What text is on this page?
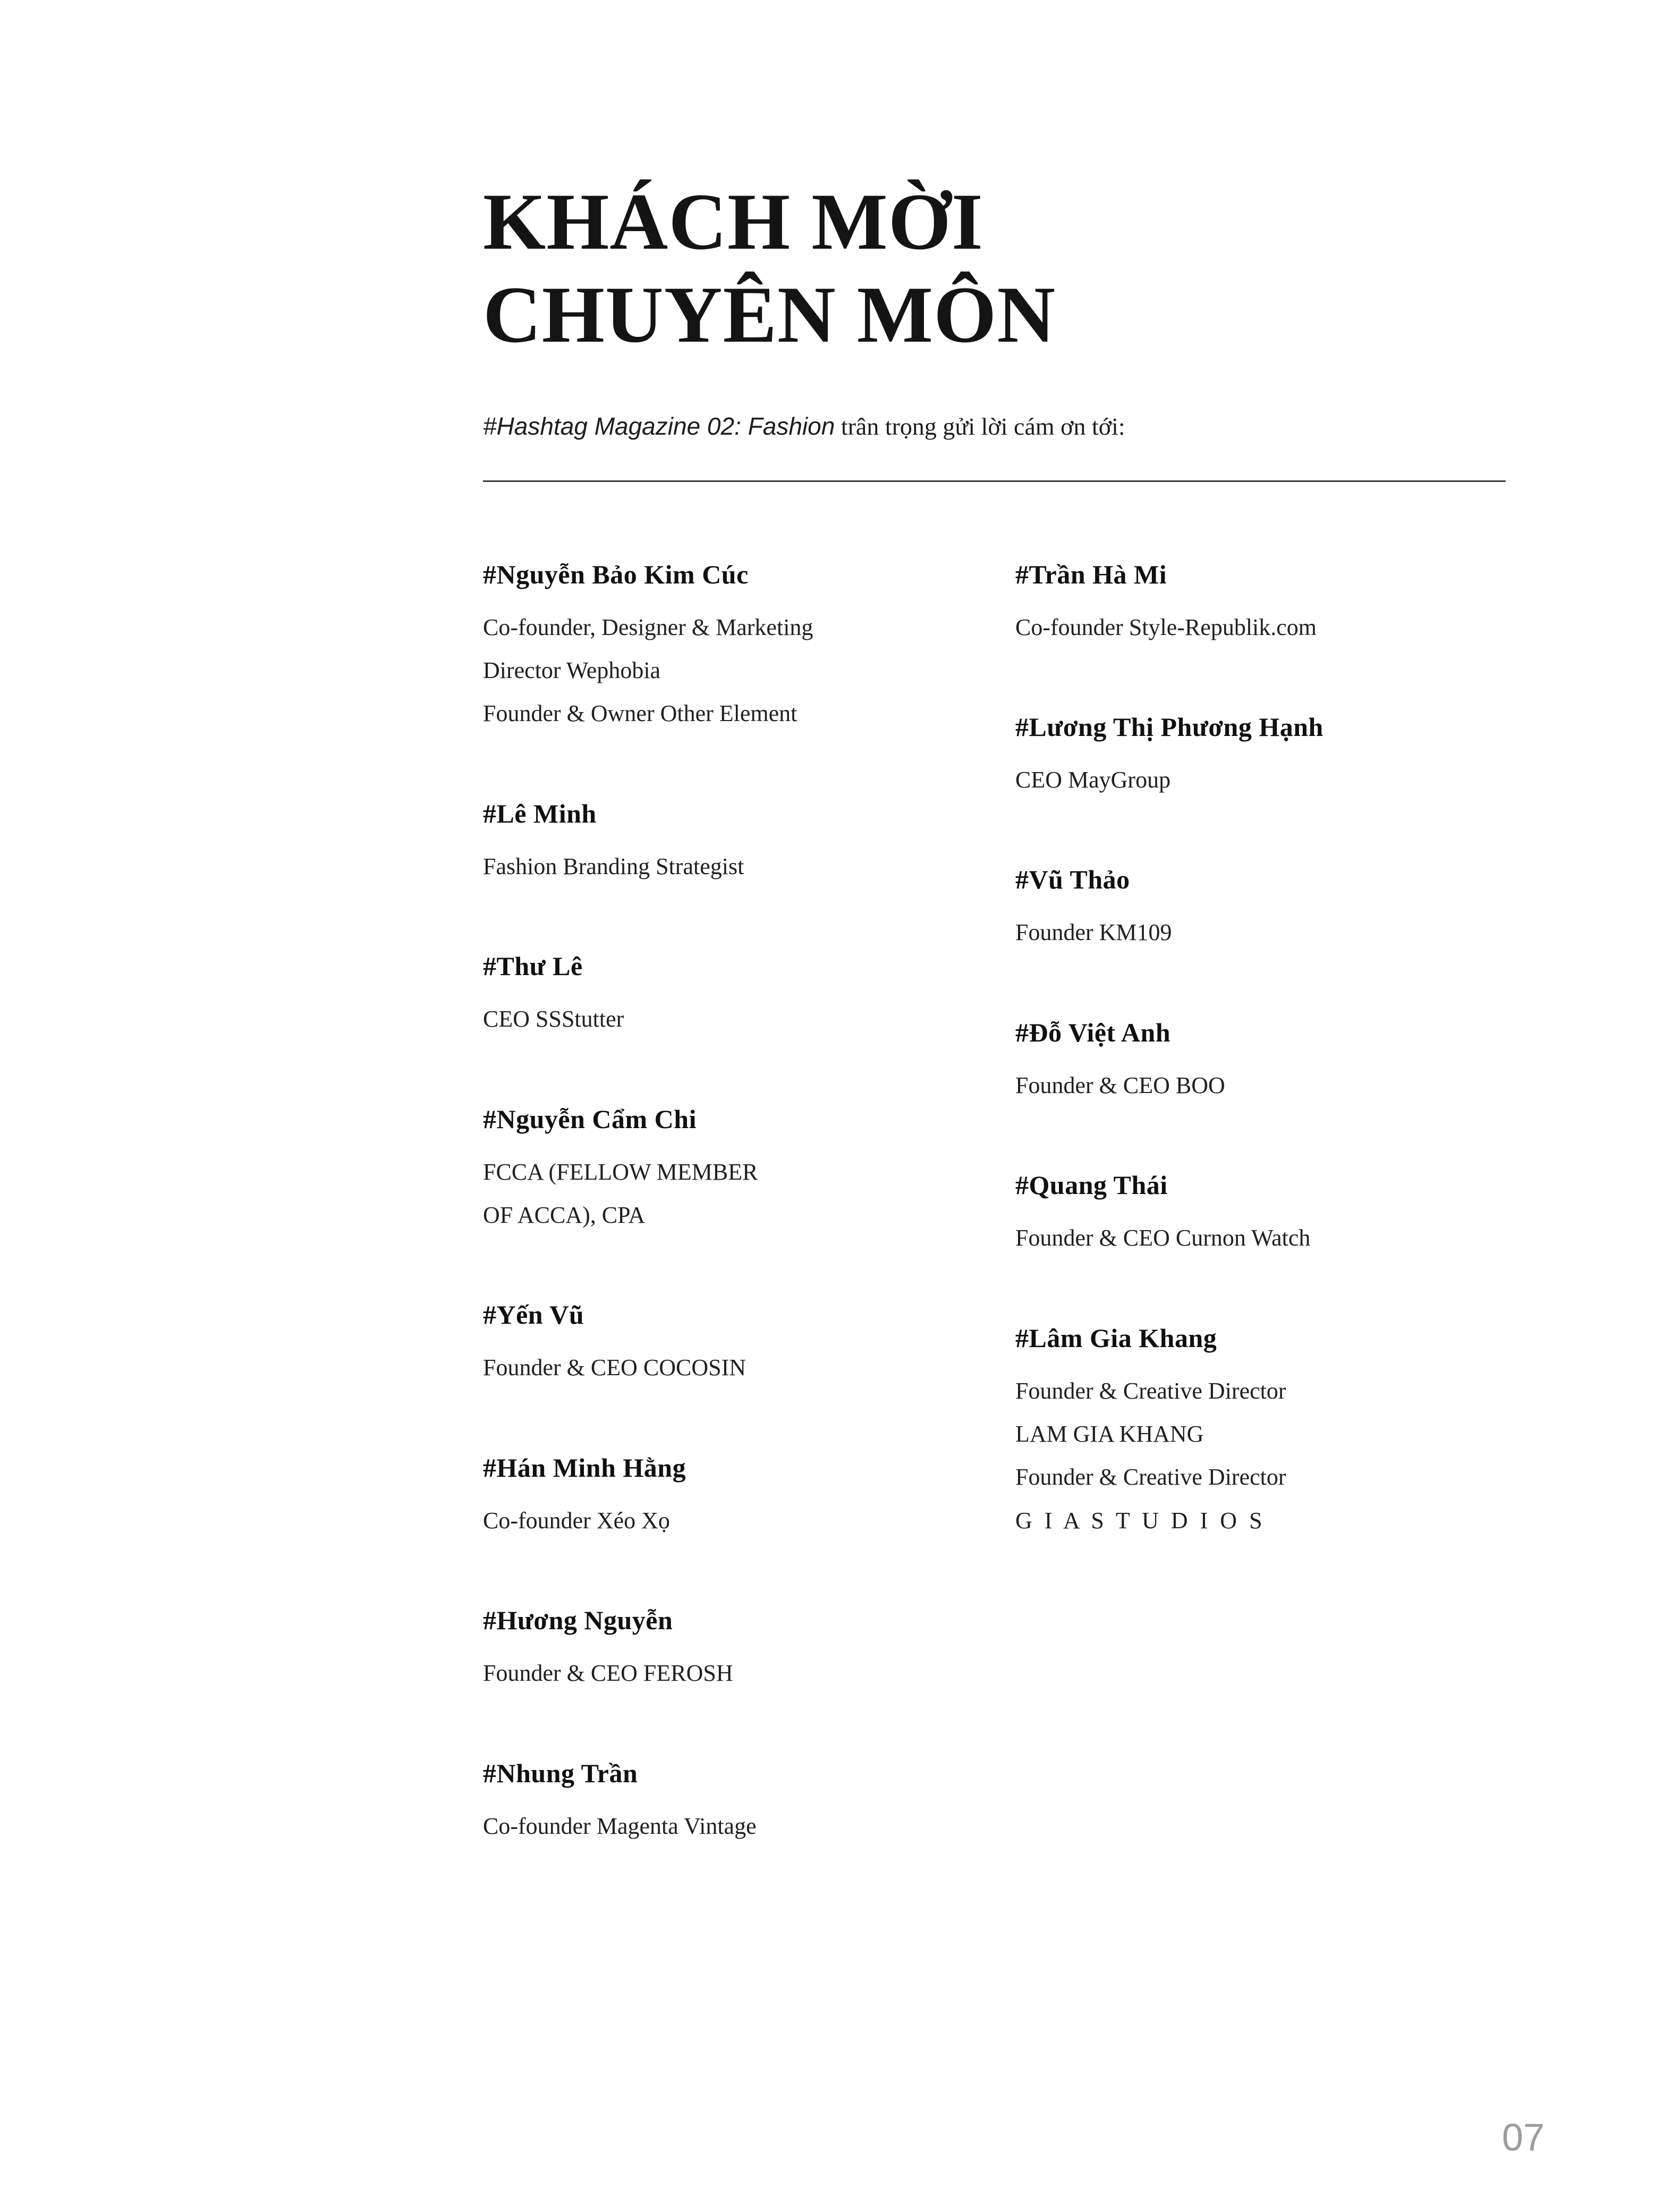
KHÁCH MỜI
CHUYÊN MÔN
#Hashtag Magazine 02: Fashion trân trọng gửi lời cám ơn tới:
#Nguyễn Bảo Kim Cúc

Co-founder, Designer & Marketing

Director Wephobia

Founder & Owner Other Element

#Lê Minh

Fashion Branding Strategist

#Thư Lê

CEO SSStutter

#Nguyễn Cẩm Chi

FCCA (FELLOW MEMBER

OF ACCA), CPA

#Yến Vũ

Founder & CEO COCOSIN

#Hán Minh Hằng

Co-founder Xéo Xọ

#Hương Nguyễn

Founder & CEO FEROSH

#Nhung Trần

Co-founder Magenta Vintage

#Trần Hà Mi

Co-founder Style-Republik.com

#Lương Thị Phương Hạnh

CEO MayGroup

#Vũ Thảo

Founder KM109

#Đỗ Việt Anh

Founder & CEO BOO

#Quang Thái

Founder & CEO Curnon Watch

#Lâm Gia Khang

Founder & Creative Director

LAM GIA KHANG

Founder & Creative Director

G I A S T U D I O S

07
